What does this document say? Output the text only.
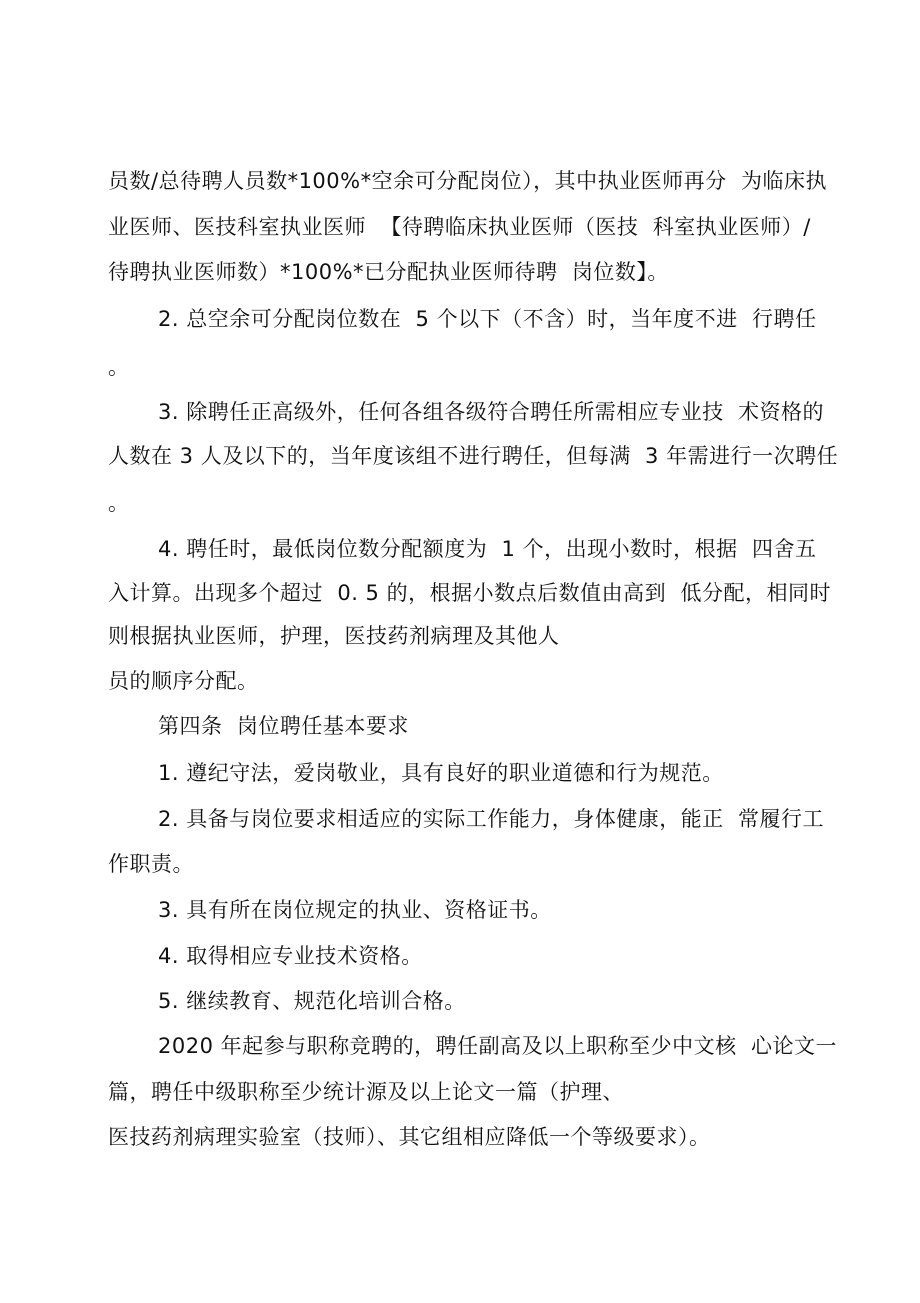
员数/总待聘人员数*100%*空余可分配岗位），其中执业医师再分  为临床执
业医师、医技科室执业医师  【待聘临床执业医师（医技  科室执业医师）/
待聘执业医师数）*100%*已分配执业医师待聘  岗位数】。
2. 总空余可分配岗位数在  5 个以下（不含）时，当年度不进  行聘任
。
3. 除聘任正高级外，任何各组各级符合聘任所需相应专业技  术资格的
人数在 3 人及以下的，当年度该组不进行聘任，但每满  3 年需进行一次聘任
。
4. 聘任时，最低岗位数分配额度为  1 个，出现小数时，根据  四舍五
入计算。出现多个超过  0. 5 的，根据小数点后数值由高到  低分配，相同时
则根据执业医师，护理，医技药剂病理及其他人
员的顺序分配。
第四条  岗位聘任基本要求
1. 遵纪守法，爱岗敬业，具有良好的职业道德和行为规范。
2. 具备与岗位要求相适应的实际工作能力，身体健康，能正  常履行工
作职责。
3. 具有所在岗位规定的执业、资格证书。
4. 取得相应专业技术资格。
5. 继续教育、规范化培训合格。
2020 年起参与职称竞聘的，聘任副高及以上职称至少中文核  心论文一
篇，聘任中级职称至少统计源及以上论文一篇（护理、
医技药剂病理实验室（技师）、其它组相应降低一个等级要求）。
